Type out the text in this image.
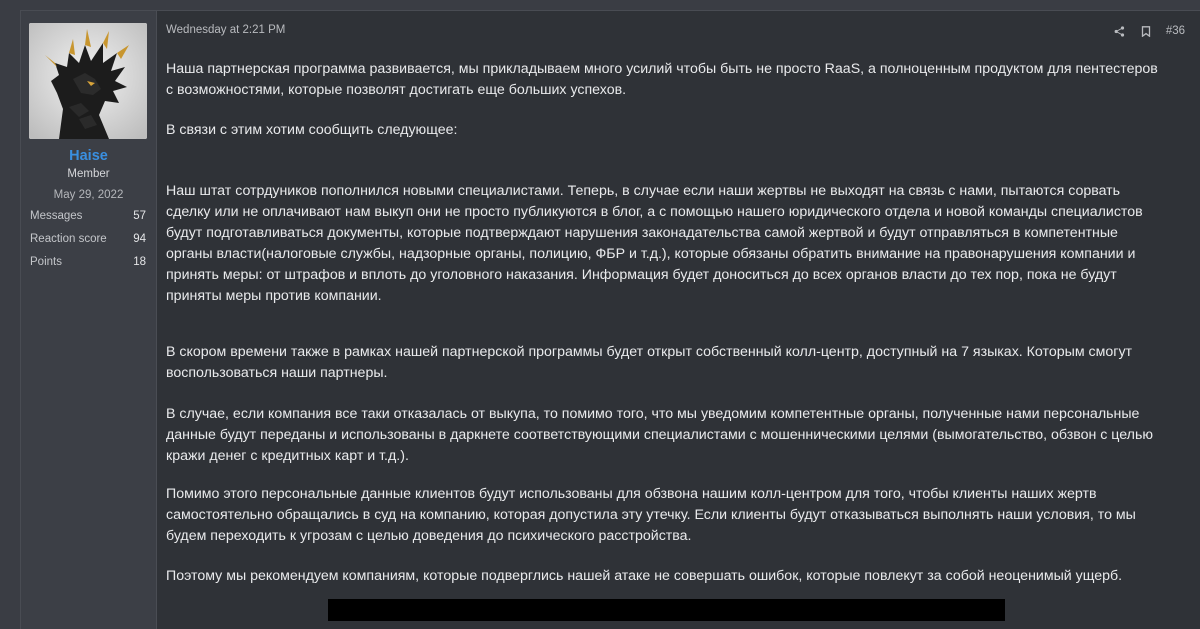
Haise
Member
May 29, 2022
Messages	57
Reaction score 94
Points	18
Wednesday at 2:21 PM	#36

Наша партнерская программа развивается, мы прикладываем много усилий чтобы быть не просто RaaS, а полноценным продуктом для пентестеров с возможностями, которые позволят достигать еще больших успехов.

В связи с этим хотим сообщить следующее:

Наш штат сотрдуников пополнился новыми специалистами. Теперь, в случае если наши жертвы не выходят на связь с нами, пытаются сорвать сделку или не оплачивают нам выкуп они не просто публикуются в блог, а с помощью нашего юридического отдела и новой команды специалистов будут подготавливаться документы, которые подтверждают нарушения законадательства самой жертвой и будут отправляться в компетентные органы власти(налоговые службы, надзорные органы, полицию, ФБР и т.д.), которые обязаны обратить внимание на правонарушения компании и принять меры: от штрафов и вплоть до уголовного наказания. Информация будет доноситься до всех органов власти до тех пор, пока не будут приняты меры против компании.

В скором времени также в рамках нашей партнерской программы будет открыт собственный колл-центр, доступный на 7 языках. Которым смогут воспользоваться наши партнеры.

В случае, если компания все таки отказалась от выкупа, то помимо того, что мы уведомим компетентные органы, полученные нами персональные данные будут переданы и использованы в даркнете соответствующими специалистами с мошенническими целями (вымогательство, обзвон с целью кражи денег с кредитных карт и т.д.).

Помимо этого персональные данные клиентов будут использованы для обзвона нашим колл-центром для того, чтобы клиенты наших жертв самостоятельно обращались в суд на компанию, которая допустила эту утечку. Если клиенты будут отказываться выполнять наши условия, то мы будем переходить к угрозам с целью доведения до психического расстройства.

Поэтому мы рекомендуем компаниям, которые подверглись нашей атаке не совершать ошибок, которые повлекут за собой неоценимый ущерб.
